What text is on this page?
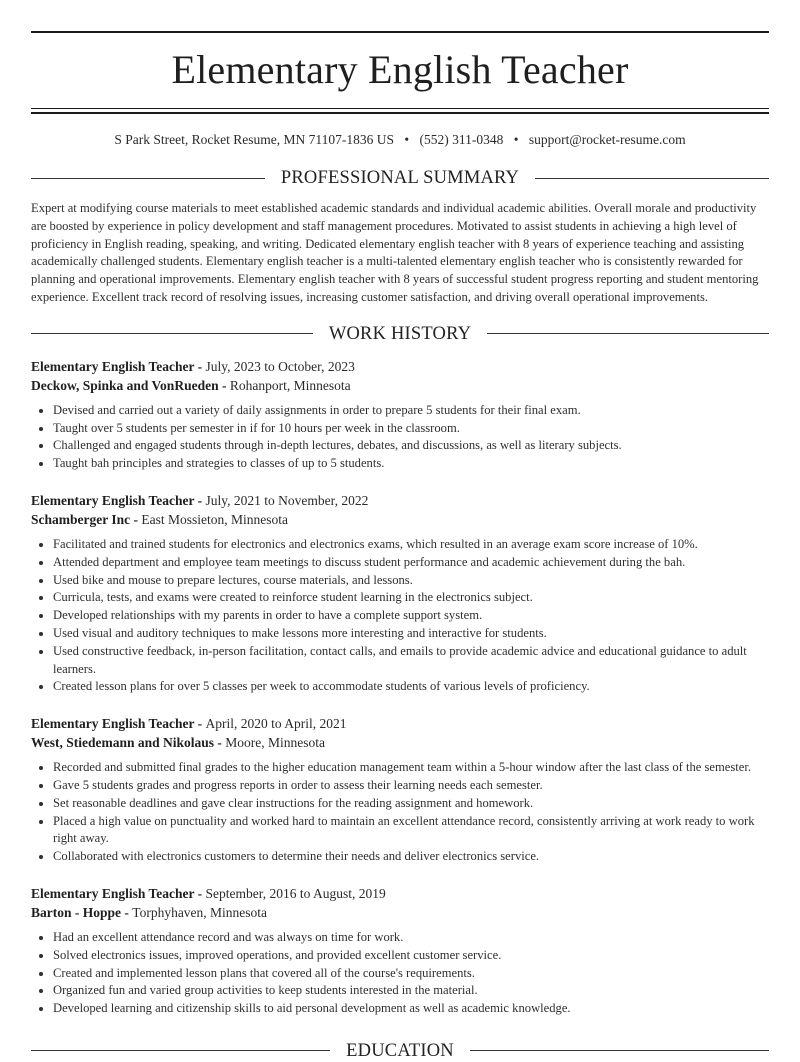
Elementary English Teacher
S Park Street, Rocket Resume, MN 71107-1836 US • (552) 311-0348 • support@rocket-resume.com
PROFESSIONAL SUMMARY

Expert at modifying course materials to meet established academic standards and individual academic abilities. Overall morale and productivity are boosted by experience in policy development and staff management procedures. Motivated to assist students in achieving a high level of proficiency in English reading, speaking, and writing. Dedicated elementary english teacher with 8 years of experience teaching and assisting academically challenged students. Elementary english teacher is a multi-talented elementary english teacher who is consistently rewarded for planning and operational improvements. Elementary english teacher with 8 years of successful student progress reporting and student mentoring experience. Excellent track record of resolving issues, increasing customer satisfaction, and driving overall operational improvements.

WORK HISTORY
Elementary English Teacher - July, 2023 to October, 2023
Deckow, Spinka and VonRueden - Rohanport, Minnesota
• Devised and carried out a variety of daily assignments in order to prepare 5 students for their final exam.
• Taught over 5 students per semester in if for 10 hours per week in the classroom.
• Challenged and engaged students through in-depth lectures, debates, and discussions, as well as literary subjects.
• Taught bah principles and strategies to classes of up to 5 students.
Elementary English Teacher - July, 2021 to November, 2022
Schamberger Inc - East Mossieton, Minnesota
• Facilitated and trained students for electronics and electronics exams, which resulted in an average exam score increase of 10%.
• Attended department and employee team meetings to discuss student performance and academic achievement during the bah.
• Used bike and mouse to prepare lectures, course materials, and lessons.
• Curricula, tests, and exams were created to reinforce student learning in the electronics subject.
• Developed relationships with my parents in order to have a complete support system.
• Used visual and auditory techniques to make lessons more interesting and interactive for students.
• Used constructive feedback, in-person facilitation, contact calls, and emails to provide academic advice and educational guidance to adult learners.
• Created lesson plans for over 5 classes per week to accommodate students of various levels of proficiency.
Elementary English Teacher - April, 2020 to April, 2021
West, Stiedemann and Nikolaus - Moore, Minnesota
• Recorded and submitted final grades to the higher education management team within a 5-hour window after the last class of the semester.
• Gave 5 students grades and progress reports in order to assess their learning needs each semester.
• Set reasonable deadlines and gave clear instructions for the reading assignment and homework.
• Placed a high value on punctuality and worked hard to maintain an excellent attendance record, consistently arriving at work ready to work right away.
• Collaborated with electronics customers to determine their needs and deliver electronics service.
Elementary English Teacher - September, 2016 to August, 2019
Barton - Hoppe - Torphyhaven, Minnesota
• Had an excellent attendance record and was always on time for work.
• Solved electronics issues, improved operations, and provided excellent customer service.
• Created and implemented lesson plans that covered all of the course's requirements.
• Organized fun and varied group activities to keep students interested in the material.
• Developed learning and citizenship skills to aid personal development as well as academic knowledge.
EDUCATION
